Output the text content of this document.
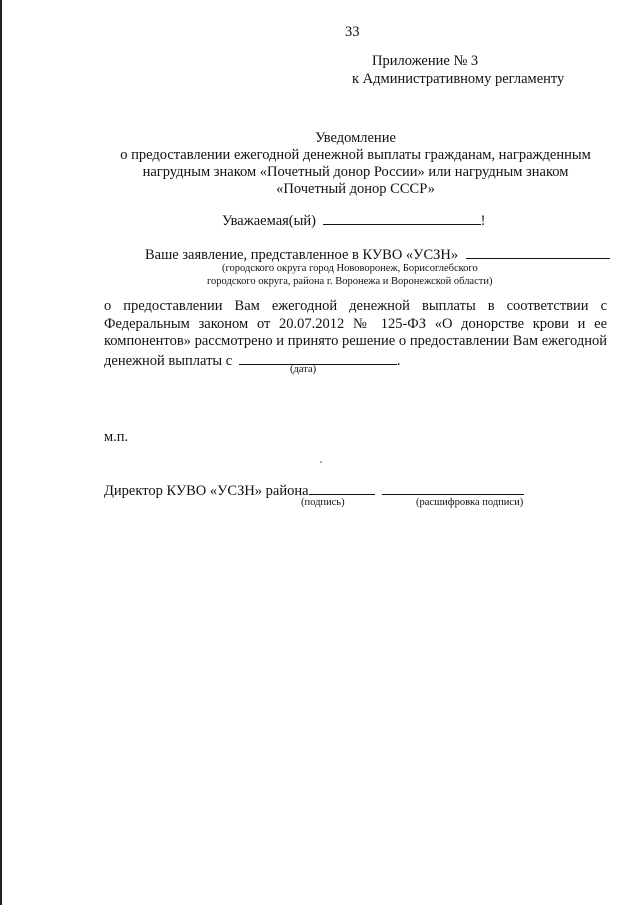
33
Приложение № 3
к Административному регламенту
Уведомление
о предоставлении ежегодной денежной выплаты гражданам, награжденным
нагрудным знаком «Почетный донор России» или нагрудным знаком
«Почетный донор СССР»
Уважаемая(ый)	!
Ваше заявление, представленное в КУВО «УСЗН»
(городского округа город Нововоронеж, Борисоглебского
городского округа, района г. Воронежа и Воронежской области)
о предоставлении Вам ежегодной денежной выплаты в соответствии с Федеральным законом от 20.07.2012 № 125-ФЗ «О донорстве крови и ее компонентов» рассмотрено и принято решение о предоставлении Вам ежегодной денежной выплаты с	.
(дата)
м.п.
Директор КУВО «УСЗН» района
(подпись)	(расшифровка подписи)
